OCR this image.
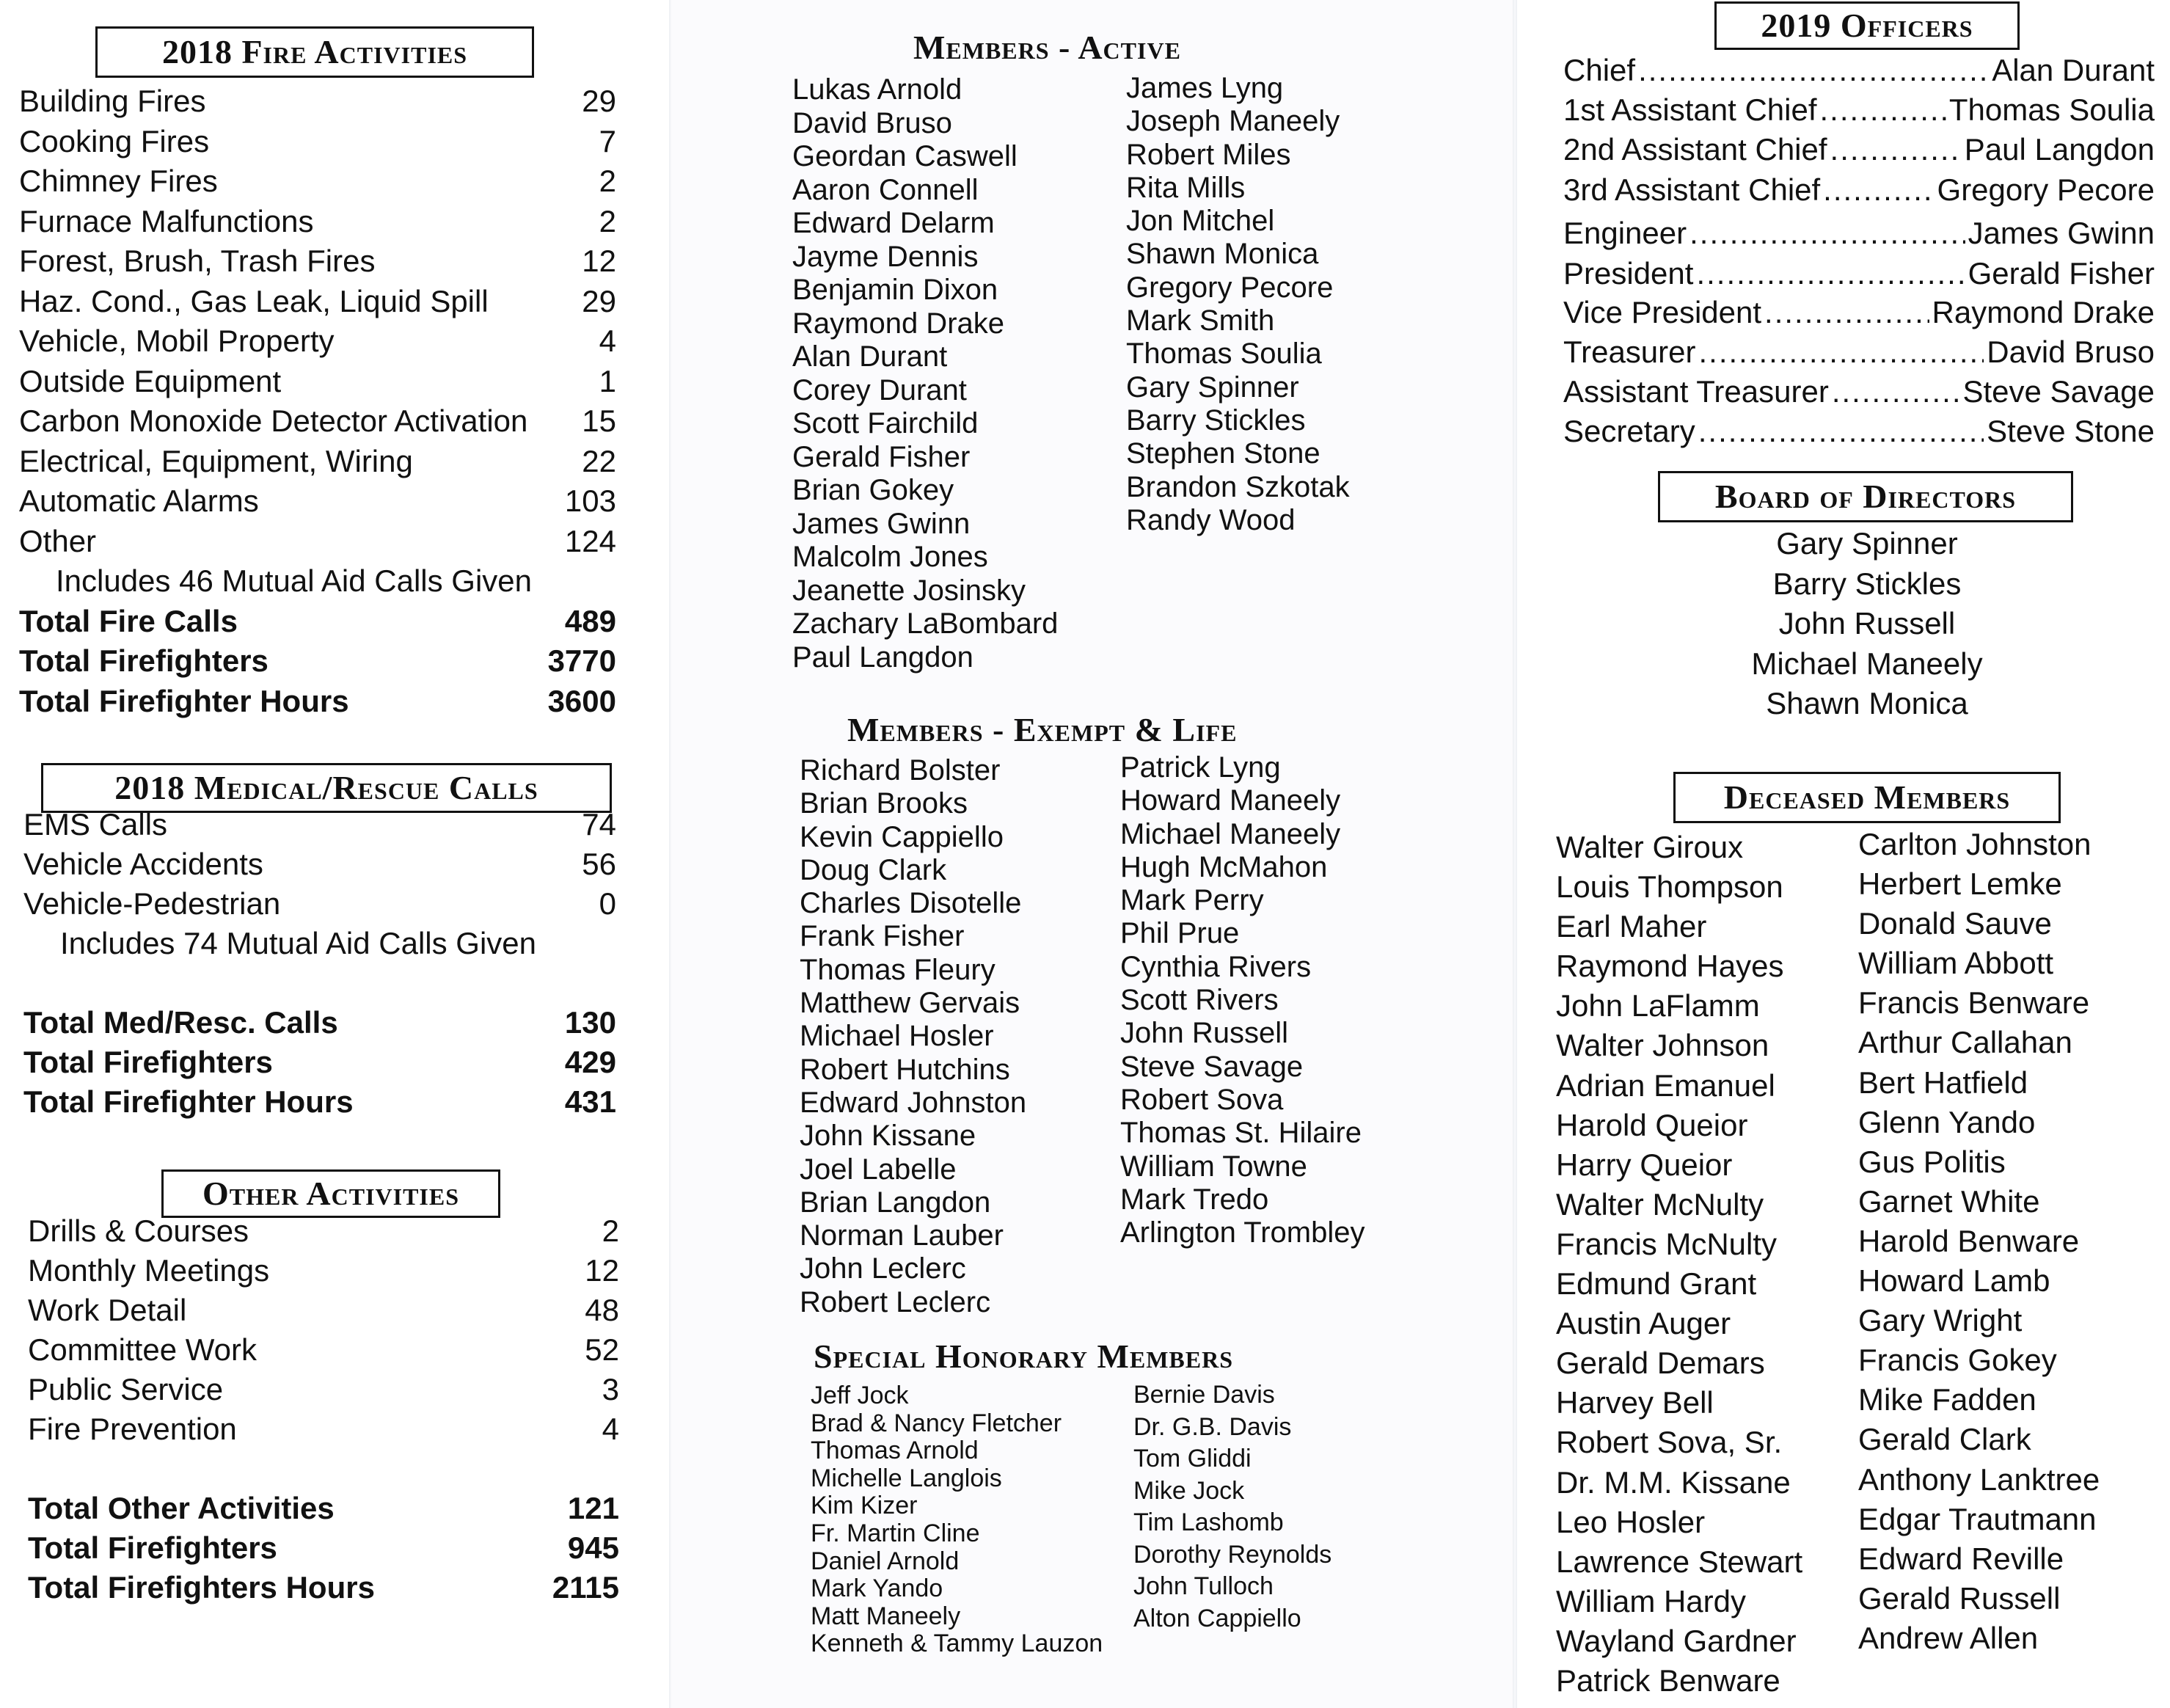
2018 Fire Activities
Building Fires	29
Cooking Fires	7
Chimney Fires	2
Furnace Malfunctions	2
Forest, Brush, Trash Fires	12
Haz. Cond., Gas Leak, Liquid Spill	29
Vehicle, Mobil Property	4
Outside Equipment	1
Carbon Monoxide Detector Activation 15
Electrical, Equipment, Wiring	22
Automatic Alarms	103
Other	124
Includes 46 Mutual Aid Calls Given
Total Fire Calls	489
Total Firefighters	3770
Total Firefighter Hours	3600
2018 Medical/Rescue Calls
EMS Calls	74
Vehicle Accidents	56
Vehicle-Pedestrian	0
Includes 74 Mutual Aid Calls Given
Total Med/Resc. Calls	130
Total Firefighters	429
Total Firefighter Hours	431
Other Activities
Drills & Courses	2
Monthly Meetings	12
Work Detail	48
Committee Work	52
Public Service	3
Fire Prevention	4
Total Other Activities	121
Total Firefighters	945
Total Firefighters Hours	2115
Members - Active
Lukas Arnold
David Bruso
Geordan Caswell
Aaron Connell
Edward Delarm
Jayme Dennis
Benjamin Dixon
Raymond Drake
Alan Durant
Corey Durant
Scott Fairchild
Gerald Fisher
Brian Gokey
James Gwinn
Malcolm Jones
Jeanette Josinsky
Zachary LaBombard
Paul Langdon
James Lyng
Joseph Maneely
Robert Miles
Rita Mills
Jon Mitchel
Shawn Monica
Gregory Pecore
Mark Smith
Thomas Soulia
Gary Spinner
Barry Stickles
Stephen Stone
Brandon Szkotak
Randy Wood
Members - Exempt & Life
Richard Bolster
Brian Brooks
Kevin Cappiello
Doug Clark
Charles Disotelle
Frank Fisher
Thomas Fleury
Matthew Gervais
Michael Hosler
Robert Hutchins
Edward Johnston
John Kissane
Joel Labelle
Brian Langdon
Norman Lauber
John Leclerc
Robert Leclerc
Patrick Lyng
Howard Maneely
Michael Maneely
Hugh McMahon
Mark Perry
Phil Prue
Cynthia Rivers
Scott Rivers
John Russell
Steve Savage
Robert Sova
Thomas St. Hilaire
William Towne
Mark Tredo
Arlington Trombley
Special Honorary Members
Jeff Jock
Brad & Nancy Fletcher
Thomas Arnold
Michelle Langlois
Kim Kizer
Fr. Martin Cline
Daniel Arnold
Mark Yando
Matt Maneely
Kenneth & Tammy Lauzon
Bernie Davis
Dr. G.B. Davis
Tom Gliddi
Mike Jock
Tim Lashomb
Dorothy Reynolds
John Tulloch
Alton Cappiello
2019 Officers
Chief .....	Alan Durant
1st Assistant Chief .....	Thomas Soulia
2nd Assistant Chief .....	Paul Langdon
3rd Assistant Chief .....	Gregory Pecore
Engineer .....	James Gwinn
President .....	Gerald Fisher
Vice President .....	Raymond Drake
Treasurer .....	David Bruso
Assistant Treasurer .....	Steve Savage
Secretary .....	Steve Stone
Board of Directors
Gary Spinner
Barry Stickles
John Russell
Michael Maneely
Shawn Monica
Deceased Members
Walter Giroux
Louis Thompson
Earl Maher
Raymond Hayes
John LaFlamm
Walter Johnson
Adrian Emanuel
Harold Queior
Harry Queior
Walter McNulty
Francis McNulty
Edmund Grant
Austin Auger
Gerald Demars
Harvey Bell
Robert Sova, Sr.
Dr. M.M. Kissane
Leo Hosler
Lawrence Stewart
William Hardy
Wayland Gardner
Patrick Benware
Carlton Johnston
Herbert Lemke
Donald Sauve
William Abbott
Francis Benware
Arthur Callahan
Bert Hatfield
Glenn Yando
Gus Politis
Garnet White
Harold Benware
Howard Lamb
Gary Wright
Francis Gokey
Mike Fadden
Gerald Clark
Anthony Lanktree
Edgar Trautmann
Edward Reville
Gerald Russell
Andrew Allen
